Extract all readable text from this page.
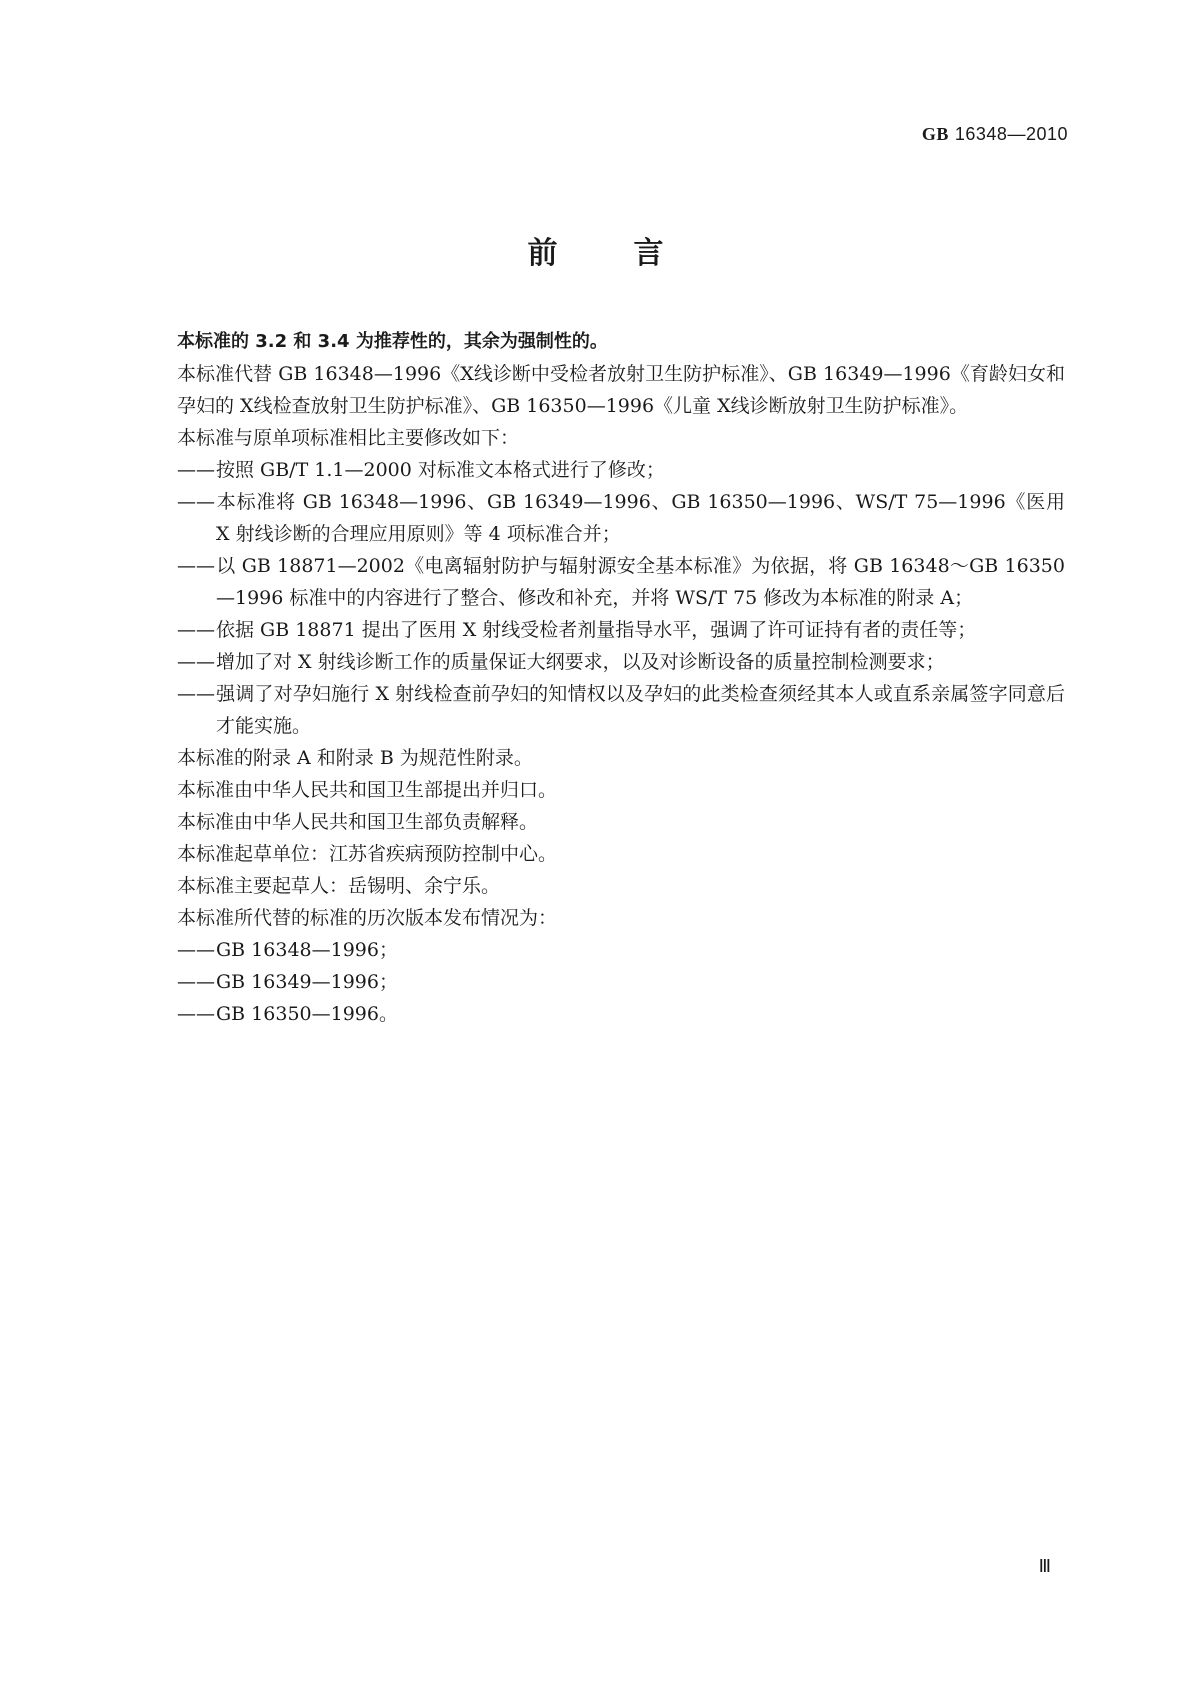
GB 16348—2010
前	言

本标准的 3.2 和 3.4 为推荐性的，其余为强制性的。

本标准代替 GB 16348—1996《X线诊断中受检者放射卫生防护标准》、GB 16349—1996《育龄妇女和孕妇的 X线检查放射卫生防护标准》、GB 16350—1996《儿童 X线诊断放射卫生防护标准》。

本标准与原单项标准相比主要修改如下：

——按照 GB/T 1.1—2000 对标准文本格式进行了修改；
——本标准将 GB 16348—1996、GB 16349—1996、GB 16350—1996、WS/T 75—1996《医用 X 射线诊断的合理应用原则》等 4 项标准合并；
——以 GB 18871—2002《电离辐射防护与辐射源安全基本标准》为依据，将 GB 16348～GB 16350—1996 标准中的内容进行了整合、修改和补充，并将 WS/T 75 修改为本标准的附录 A；
——依据 GB 18871 提出了医用 X 射线受检者剂量指导水平，强调了许可证持有者的责任等；
——增加了对 X 射线诊断工作的质量保证大纲要求，以及对诊断设备的质量控制检测要求；
——强调了对孕妇施行 X 射线检查前孕妇的知情权以及孕妇的此类检查须经其本人或直系亲属签字同意后才能实施。

本标准的附录 A 和附录 B 为规范性附录。

本标准由中华人民共和国卫生部提出并归口。

本标准由中华人民共和国卫生部负责解释。

本标准起草单位：江苏省疾病预防控制中心。

本标准主要起草人：岳锡明、余宁乐。

本标准所代替的标准的历次版本发布情况为：

——GB 16348—1996；
——GB 16349—1996；
——GB 16350—1996。
Ⅲ
